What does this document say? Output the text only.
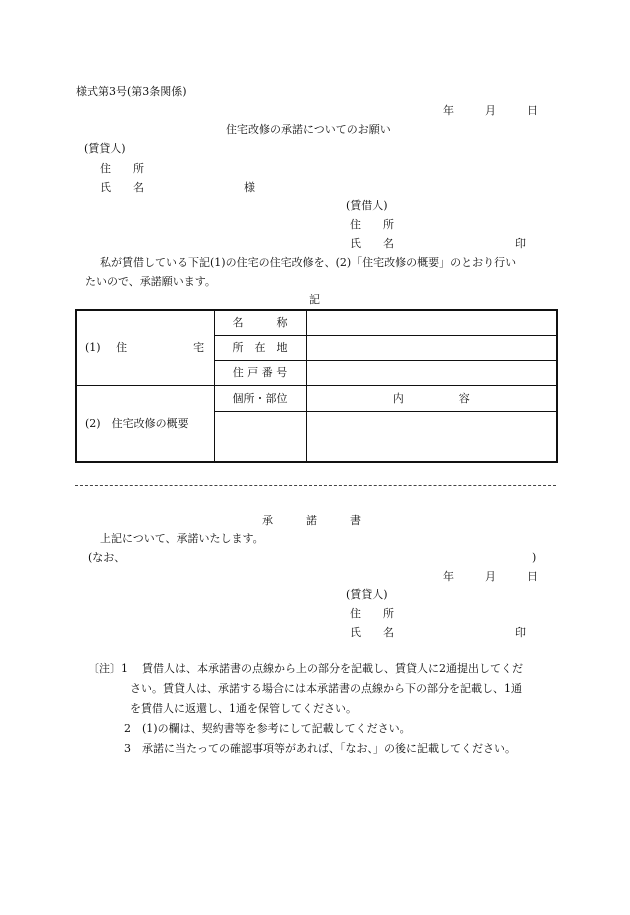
様式第3号(第3条関係)
年	月	日
住宅改修の承諾についてのお願い
(賃貸人)
住　　所
氏　　名	様
(賃借人)
住　　所
氏　　名	印
私が賃借している下記(1)の住宅の住宅改修を、(2)「住宅改修の概要」のとおり行い
たいので、承諾願います。
記
(1) 住　　　　　　宅	名　　　称	
	所　在　地	
	住 戸 番 号	
(2)　住宅改修の概要	個所・部位	内　　　　　容

承　　　諾　　　書
上記について、承諾いたします。
(なお、	)
年	月	日
(賃貸人)
住　　所
氏　　名	印
〔注〕1 賃借人は、本承諾書の点線から上の部分を記載し、賃貸人に2通提出してくだ
さい。賃貸人は、承諾する場合には本承諾書の点線から下の部分を記載し、1通
を賃借人に返還し、1通を保管してください。
2 (1)の欄は、契約書等を参考にして記載してください。
3 承諾に当たっての確認事項等があれば、「なお、」の後に記載してください。
